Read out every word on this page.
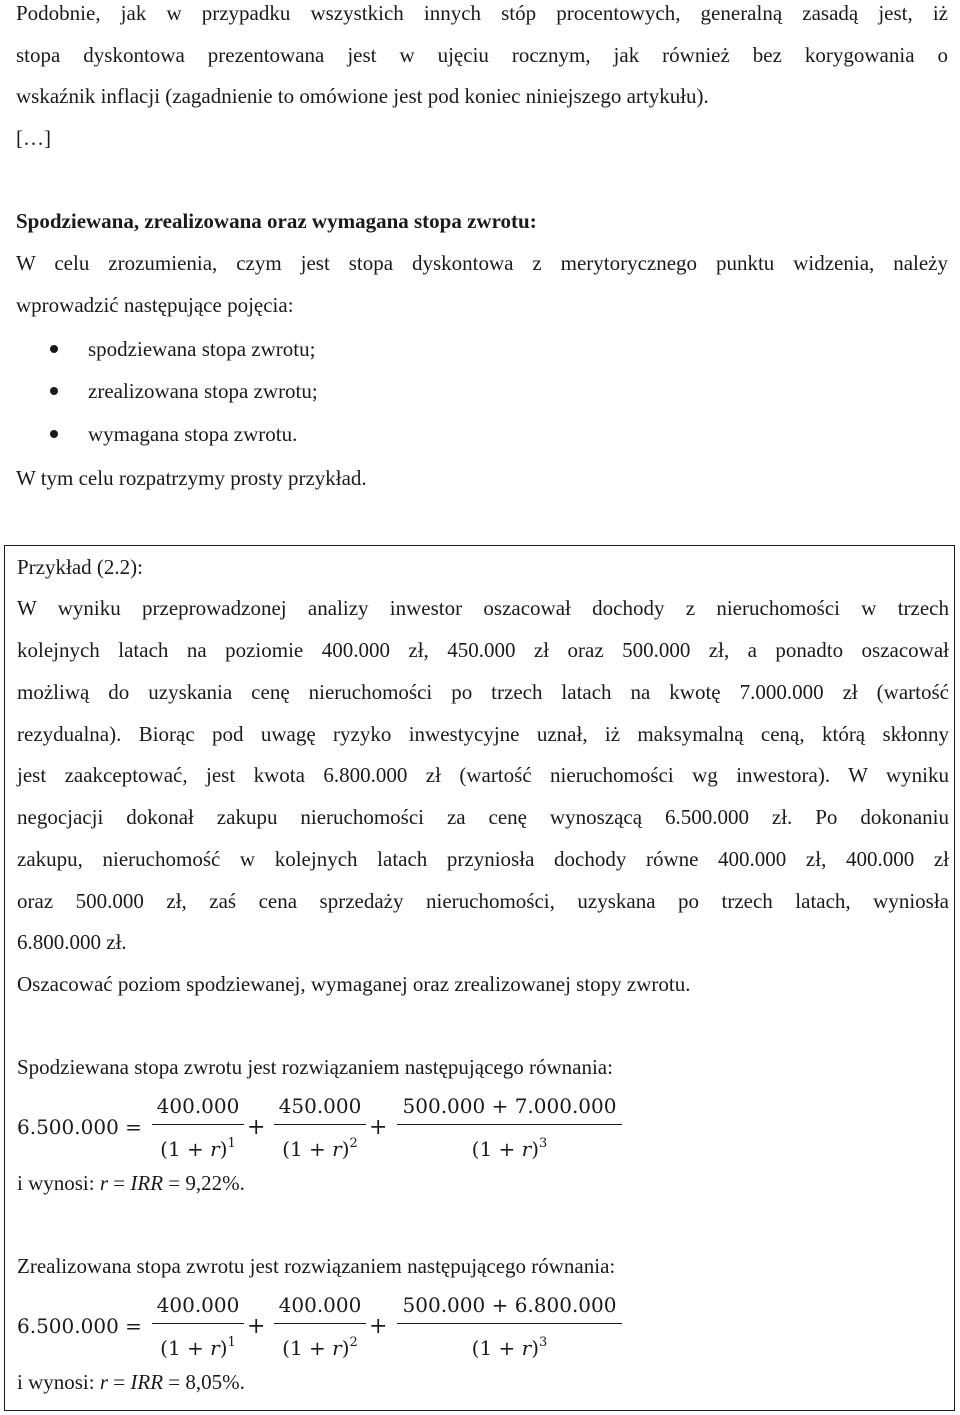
Podobnie, jak w przypadku wszystkich innych stóp procentowych, generalną zasadą jest, iż
stopa dyskontowa prezentowana jest w ujęciu rocznym, jak również bez korygowania o
wskaźnik inflacji (zagadnienie to omówione jest pod koniec niniejszego artykułu).
[…]
Spodziewana, zrealizowana oraz wymagana stopa zwrotu:
W celu zrozumienia, czym jest stopa dyskontowa z merytorycznego punktu widzenia, należy
wprowadzić następujące pojęcia:
spodziewana stopa zwrotu;
zrealizowana stopa zwrotu;
wymagana stopa zwrotu.
W tym celu rozpatrzymy prosty przykład.
Przykład (2.2):
W wyniku przeprowadzonej analizy inwestor oszacował dochody z nieruchomości w trzech
kolejnych latach na poziomie 400.000 zł, 450.000 zł oraz 500.000 zł, a ponadto oszacował
możliwą do uzyskania cenę nieruchomości po trzech latach na kwotę 7.000.000 zł (wartość
rezydualna). Biorąc pod uwagę ryzyko inwestycyjne uznał, iż maksymalną ceną, którą skłonny
jest zaakceptować, jest kwota 6.800.000 zł (wartość nieruchomości wg inwestora). W wyniku
negocjacji dokonał zakupu nieruchomości za cenę wynoszącą 6.500.000 zł. Po dokonaniu
zakupu, nieruchomość w kolejnych latach przyniosła dochody równe 400.000 zł, 400.000 zł
oraz 500.000 zł, zaś cena sprzedaży nieruchomości, uzyskana po trzech latach, wyniosła
6.800.000 zł.
Oszacować poziom spodziewanej, wymaganej oraz zrealizowanej stopy zwrotu.
Spodziewana stopa zwrotu jest rozwiązaniem następującego równania:
6.500.000 =
400.000
$(1 + r)^1$
+
450.000
$(1 + r)^2$
+
500.000 + 7.000.000
$(1 + r)^3$
i wynosi: r = IRR = 9,22%.
Zrealizowana stopa zwrotu jest rozwiązaniem następującego równania:
6.500.000 =
400.000
$(1 + r)^1$
+
400.000
$(1 + r)^2$
+
500.000 + 6.800.000
$(1 + r)^3$
i wynosi: r = IRR = 8,05%.
